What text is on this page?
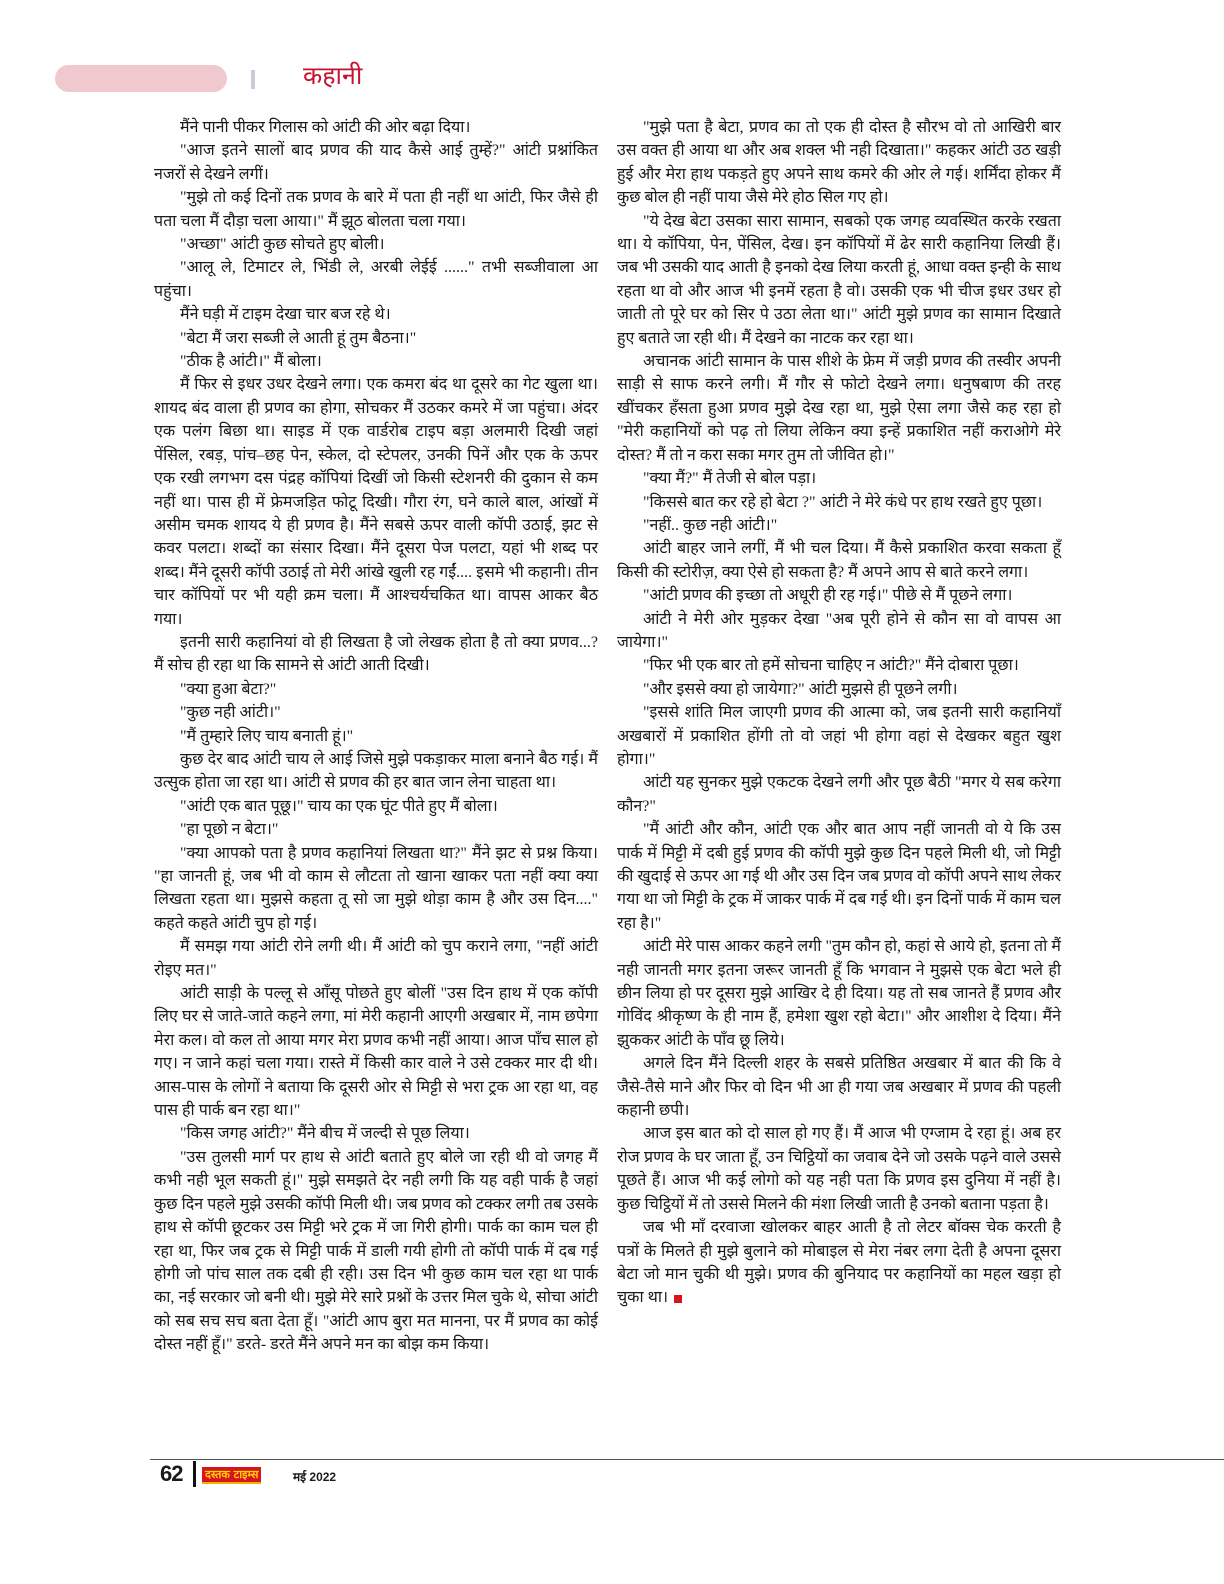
कहानी

मैंने पानी पीकर गिलास को आंटी की ओर बढ़ा दिया।

"आज इतने सालों बाद प्रणव की याद कैसे आई तुम्हें?" आंटी प्रश्नांकित नजरों से देखने लगीं।

"मुझे तो कई दिनों तक प्रणव के बारे में पता ही नहीं था आंटी, फिर जैसे ही पता चला मैं दौड़ा चला आया।" मैं झूठ बोलता चला गया।

"अच्छा" आंटी कुछ सोचते हुए बोली।

"आलू ले, टिमाटर ले, भिंडी ले, अरबी लेईई ......" तभी सब्जीवाला आ पहुंचा।

मैंने घड़ी में टाइम देखा चार बज रहे थे।

"बेटा मैं जरा सब्जी ले आती हूं तुम बैठना।"

"ठीक है आंटी।" मैं बोला।

मैं फिर से इधर उधर देखने लगा। एक कमरा बंद था दूसरे का गेट खुला था। शायद बंद वाला ही प्रणव का होगा, सोचकर मैं उठकर कमरे में जा पहुंचा। अंदर एक पलंग बिछा था। साइड में एक वार्डरोब टाइप बड़ा अलमारी दिखी जहां पेंसिल, रबड़, पांच–छह पेन, स्केल, दो स्टेपलर, उनकी पिनें और एक के ऊपर एक रखी लगभग दस पंद्रह कॉपियां दिखीं जो किसी स्टेशनरी की दुकान से कम नहीं था। पास ही में फ्रेमजड़ित फोटू दिखी। गौरा रंग, घने काले बाल, आंखों में असीम चमक शायद ये ही प्रणव है। मैंने सबसे ऊपर वाली कॉपी उठाई, झट से कवर पलटा। शब्दों का संसार दिखा। मैंने दूसरा पेज पलटा, यहां भी शब्द पर शब्द। मैंने दूसरी कॉपी उठाई तो मेरी आंखे खुली रह गईं.... इसमे भी कहानी। तीन चार कॉपियों पर भी यही क्रम चला। मैं आश्चर्यचकित था। वापस आकर बैठ गया।

इतनी सारी कहानियां वो ही लिखता है जो लेखक होता है तो क्या प्रणव...? मैं सोच ही रहा था कि सामने से आंटी आती दिखी।

"क्या हुआ बेटा?"

"कुछ नही आंटी।"

"मैं तुम्हारे लिए चाय बनाती हूं।"

कुछ देर बाद आंटी चाय ले आई जिसे मुझे पकड़ाकर माला बनाने बैठ गई। मैं उत्सुक होता जा रहा था। आंटी से प्रणव की हर बात जान लेना चाहता था।

"आंटी एक बात पूछू।" चाय का एक घूंट पीते हुए मैं बोला।

"हा पूछो न बेटा।"

"क्या आपको पता है प्रणव कहानियां लिखता था?" मैंने झट से प्रश्न किया। "हा जानती हूं, जब भी वो काम से लौटता तो खाना खाकर पता नहीं क्या क्या लिखता रहता था। मुझसे कहता तू सो जा मुझे थोड़ा काम है और उस दिन...." कहते कहते आंटी चुप हो गई।

मैं समझ गया आंटी रोने लगी थी। मैं आंटी को चुप कराने लगा, "नहीं आंटी रोइए मत।"

आंटी साड़ी के पल्लू से आँसू पोछते हुए बोलीं "उस दिन हाथ में एक कॉपी लिए घर से जाते-जाते कहने लगा, मां मेरी कहानी आएगी अखबार में, नाम छपेगा मेरा कल। वो कल तो आया मगर मेरा प्रणव कभी नहीं आया। आज पाँच साल हो गए। न जाने कहां चला गया। रास्ते में किसी कार वाले ने उसे टक्कर मार दी थी। आस-पास के लोगों ने बताया कि दूसरी ओर से मिट्टी से भरा ट्रक आ रहा था, वह पास ही पार्क बन रहा था।"

"किस जगह आंटी?" मैंने बीच में जल्दी से पूछ लिया।

"उस तुलसी मार्ग पर हाथ से आंटी बताते हुए बोले जा रही थी वो जगह मैं कभी नही भूल सकती हूं।" मुझे समझते देर नही लगी कि यह वही पार्क है जहां कुछ दिन पहले मुझे उसकी कॉपी मिली थी। जब प्रणव को टक्कर लगी तब उसके हाथ से कॉपी छूटकर उस मिट्टी भरे ट्रक में जा गिरी होगी। पार्क का काम चल ही रहा था, फिर जब ट्रक से मिट्टी पार्क में डाली गयी होगी तो कॉपी पार्क में दब गई होगी जो पांच साल तक दबी ही रही। उस दिन भी कुछ काम चल रहा था पार्क का, नई सरकार जो बनी थी। मुझे मेरे सारे प्रश्नों के उत्तर मिल चुके थे, सोचा आंटी को सब सच सच बता देता हूँ। "आंटी आप बुरा मत मानना, पर मैं प्रणव का कोई दोस्त नहीं हूँ।" डरते- डरते मैंने अपने मन का बोझ कम किया।

"मुझे पता है बेटा, प्रणव का तो एक ही दोस्त है सौरभ वो तो आखिरी बार उस वक्त ही आया था और अब शक्ल भी नही दिखाता।" कहकर आंटी उठ खड़ी हुई और मेरा हाथ पकड़ते हुए अपने साथ कमरे की ओर ले गई। शर्मिंदा होकर मैं कुछ बोल ही नहीं पाया जैसे मेरे होठ सिल गए हो।

"ये देख बेटा उसका सारा सामान, सबको एक जगह व्यवस्थित करके रखता था। ये कॉपिया, पेन, पेंसिल, देख। इन कॉपियों में ढेर सारी कहानिया लिखी हैं। जब भी उसकी याद आती है इनको देख लिया करती हूं, आधा वक्त इन्ही के साथ रहता था वो और आज भी इनमें रहता है वो। उसकी एक भी चीज इधर उधर हो जाती तो पूरे घर को सिर पे उठा लेता था।" आंटी मुझे प्रणव का सामान दिखाते हुए बताते जा रही थी। मैं देखने का नाटक कर रहा था।

अचानक आंटी सामान के पास शीशे के फ्रेम में जड़ी प्रणव की तस्वीर अपनी साड़ी से साफ करने लगी। मैं गौर से फोटो देखने लगा। धनुषबाण की तरह खींचकर हँसता हुआ प्रणव मुझे देख रहा था, मुझे ऐसा लगा जैसे कह रहा हो "मेरी कहानियों को पढ़ तो लिया लेकिन क्या इन्हें प्रकाशित नहीं कराओगे मेरे दोस्त? मैं तो न करा सका मगर तुम तो जीवित हो।"

"क्या मैं?" मैं तेजी से बोल पड़ा।

"किससे बात कर रहे हो बेटा ?" आंटी ने मेरे कंधे पर हाथ रखते हुए पूछा।

"नहीं.. कुछ नही आंटी।"

आंटी बाहर जाने लगीं, मैं भी चल दिया। मैं कैसे प्रकाशित करवा सकता हूँ किसी की स्टोरीज़, क्या ऐसे हो सकता है? मैं अपने आप से बाते करने लगा।

"आंटी प्रणव की इच्छा तो अधूरी ही रह गई।" पीछे से मैं पूछने लगा।

आंटी ने मेरी ओर मुड़कर देखा "अब पूरी होने से कौन सा वो वापस आ जायेगा।"

"फिर भी एक बार तो हमें सोचना चाहिए न आंटी?" मैंने दोबारा पूछा।

"और इससे क्या हो जायेगा?" आंटी मुझसे ही पूछने लगी।

"इससे शांति मिल जाएगी प्रणव की आत्मा को, जब इतनी सारी कहानियाँ अखबारों में प्रकाशित होंगी तो वो जहां भी होगा वहां से देखकर बहुत खुश होगा।"

आंटी यह सुनकर मुझे एकटक देखने लगी और पूछ बैठी "मगर ये सब करेगा कौन?"

"मैं आंटी और कौन, आंटी एक और बात आप नहीं जानती वो ये कि उस पार्क में मिट्टी में दबी हुई प्रणव की कॉपी मुझे कुछ दिन पहले मिली थी, जो मिट्टी की खुदाई से ऊपर आ गई थी और उस दिन जब प्रणव वो कॉपी अपने साथ लेकर गया था जो मिट्टी के ट्रक में जाकर पार्क में दब गई थी। इन दिनों पार्क में काम चल रहा है।"

आंटी मेरे पास आकर कहने लगी "तुम कौन हो, कहां से आये हो, इतना तो मैं नही जानती मगर इतना जरूर जानती हूँ कि भगवान ने मुझसे एक बेटा भले ही छीन लिया हो पर दूसरा मुझे आखिर दे ही दिया। यह तो सब जानते हैं प्रणव और गोविंद श्रीकृष्ण के ही नाम हैं, हमेशा खुश रहो बेटा।" और आशीश दे दिया। मैंने झुककर आंटी के पाँव छू लिये।

अगले दिन मैंने दिल्ली शहर के सबसे प्रतिष्ठित अखबार में बात की कि वे जैसे-तैसे माने और फिर वो दिन भी आ ही गया जब अखबार में प्रणव की पहली कहानी छपी।

आज इस बात को दो साल हो गए हैं। मैं आज भी एग्जाम दे रहा हूं। अब हर रोज प्रणव के घर जाता हूँ, उन चिट्ठियों का जवाब देने जो उसके पढ़ने वाले उससे पूछते हैं। आज भी कई लोगो को यह नही पता कि प्रणव इस दुनिया में नहीं है। कुछ चिट्ठियों में तो उससे मिलने की मंशा लिखी जाती है उनको बताना पड़ता है।

जब भी माँ दरवाजा खोलकर बाहर आती है तो लेटर बॉक्स चेक करती है पत्रों के मिलते ही मुझे बुलाने को मोबाइल से मेरा नंबर लगा देती है अपना दूसरा बेटा जो मान चुकी थी मुझे। प्रणव की बुनियाद पर कहानियों का महल खड़ा हो चुका था।

62 दस्तक टाइम्स	मई 2022
